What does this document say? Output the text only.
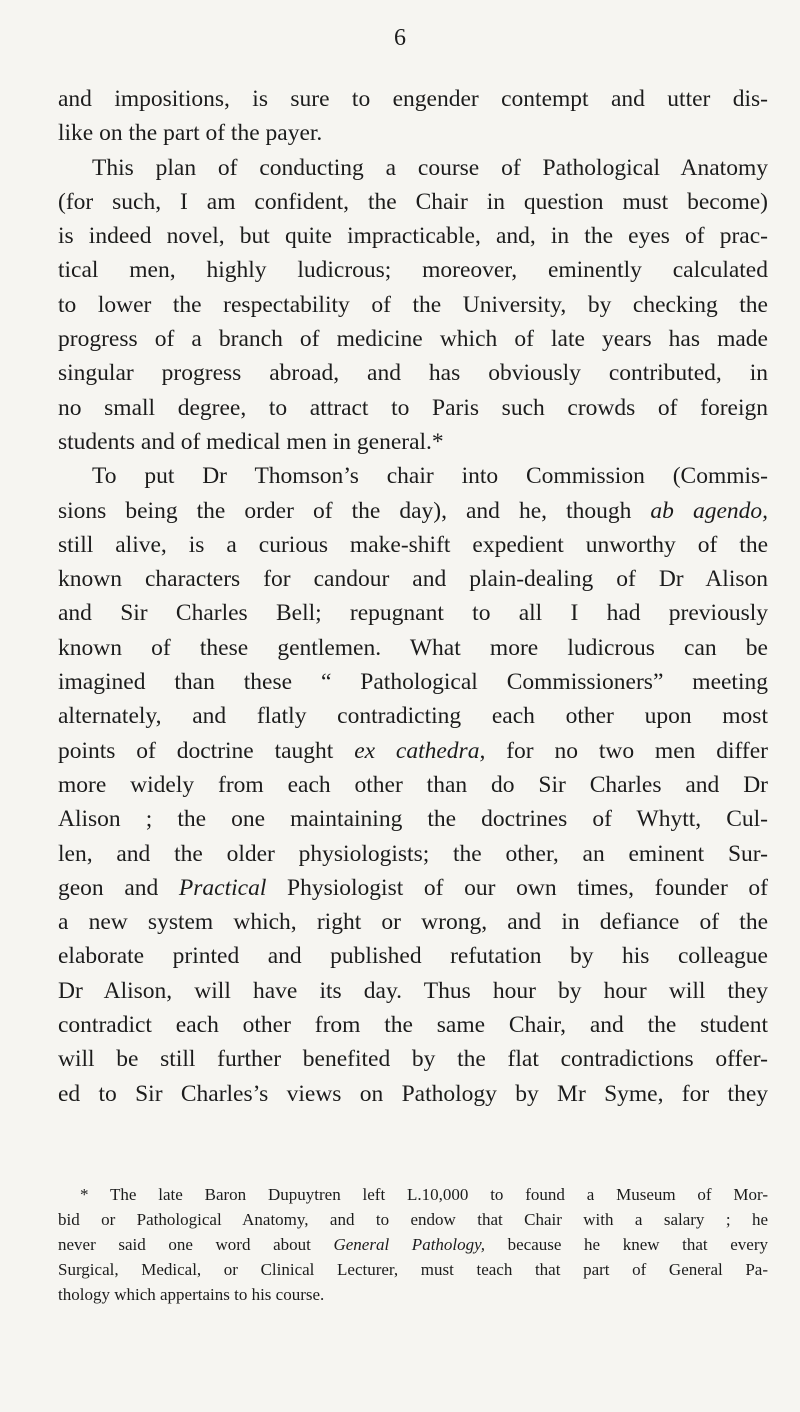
6
and impositions, is sure to engender contempt and utter dis-
like on the part of the payer.
This plan of conducting a course of Pathological Anatomy
(for such, I am confident, the Chair in question must become)
is indeed novel, but quite impracticable, and, in the eyes of prac-
tical men, highly ludicrous; moreover, eminently calculated
to lower the respectability of the University, by checking the
progress of a branch of medicine which of late years has made
singular progress abroad, and has obviously contributed, in
no small degree, to attract to Paris such crowds of foreign
students and of medical men in general.*
To put Dr Thomson’s chair into Commission (Commis-
sions being the order of the day), and he, though ab agendo,
still alive, is a curious make-shift expedient unworthy of the
known characters for candour and plain-dealing of Dr Alison
and Sir Charles Bell; repugnant to all I had previously
known of these gentlemen. What more ludicrous can be
imagined than these “ Pathological Commissioners” meeting
alternately, and flatly contradicting each other upon most
points of doctrine taught ex cathedra, for no two men differ
more widely from each other than do Sir Charles and Dr
Alison ; the one maintaining the doctrines of Whytt, Cul-
len, and the older physiologists; the other, an eminent Sur-
geon and Practical Physiologist of our own times, founder of
a new system which, right or wrong, and in defiance of the
elaborate printed and published refutation by his colleague
Dr Alison, will have its day. Thus hour by hour will they
contradict each other from the same Chair, and the student
will be still further benefited by the flat contradictions offer-
ed to Sir Charles’s views on Pathology by Mr Syme, for they
* The late Baron Dupuytren left L.10,000 to found a Museum of Mor-
bid or Pathological Anatomy, and to endow that Chair with a salary ; he
never said one word about General Pathology, because he knew that every
Surgical, Medical, or Clinical Lecturer, must teach that part of General Pa-
thology which appertains to his course.
